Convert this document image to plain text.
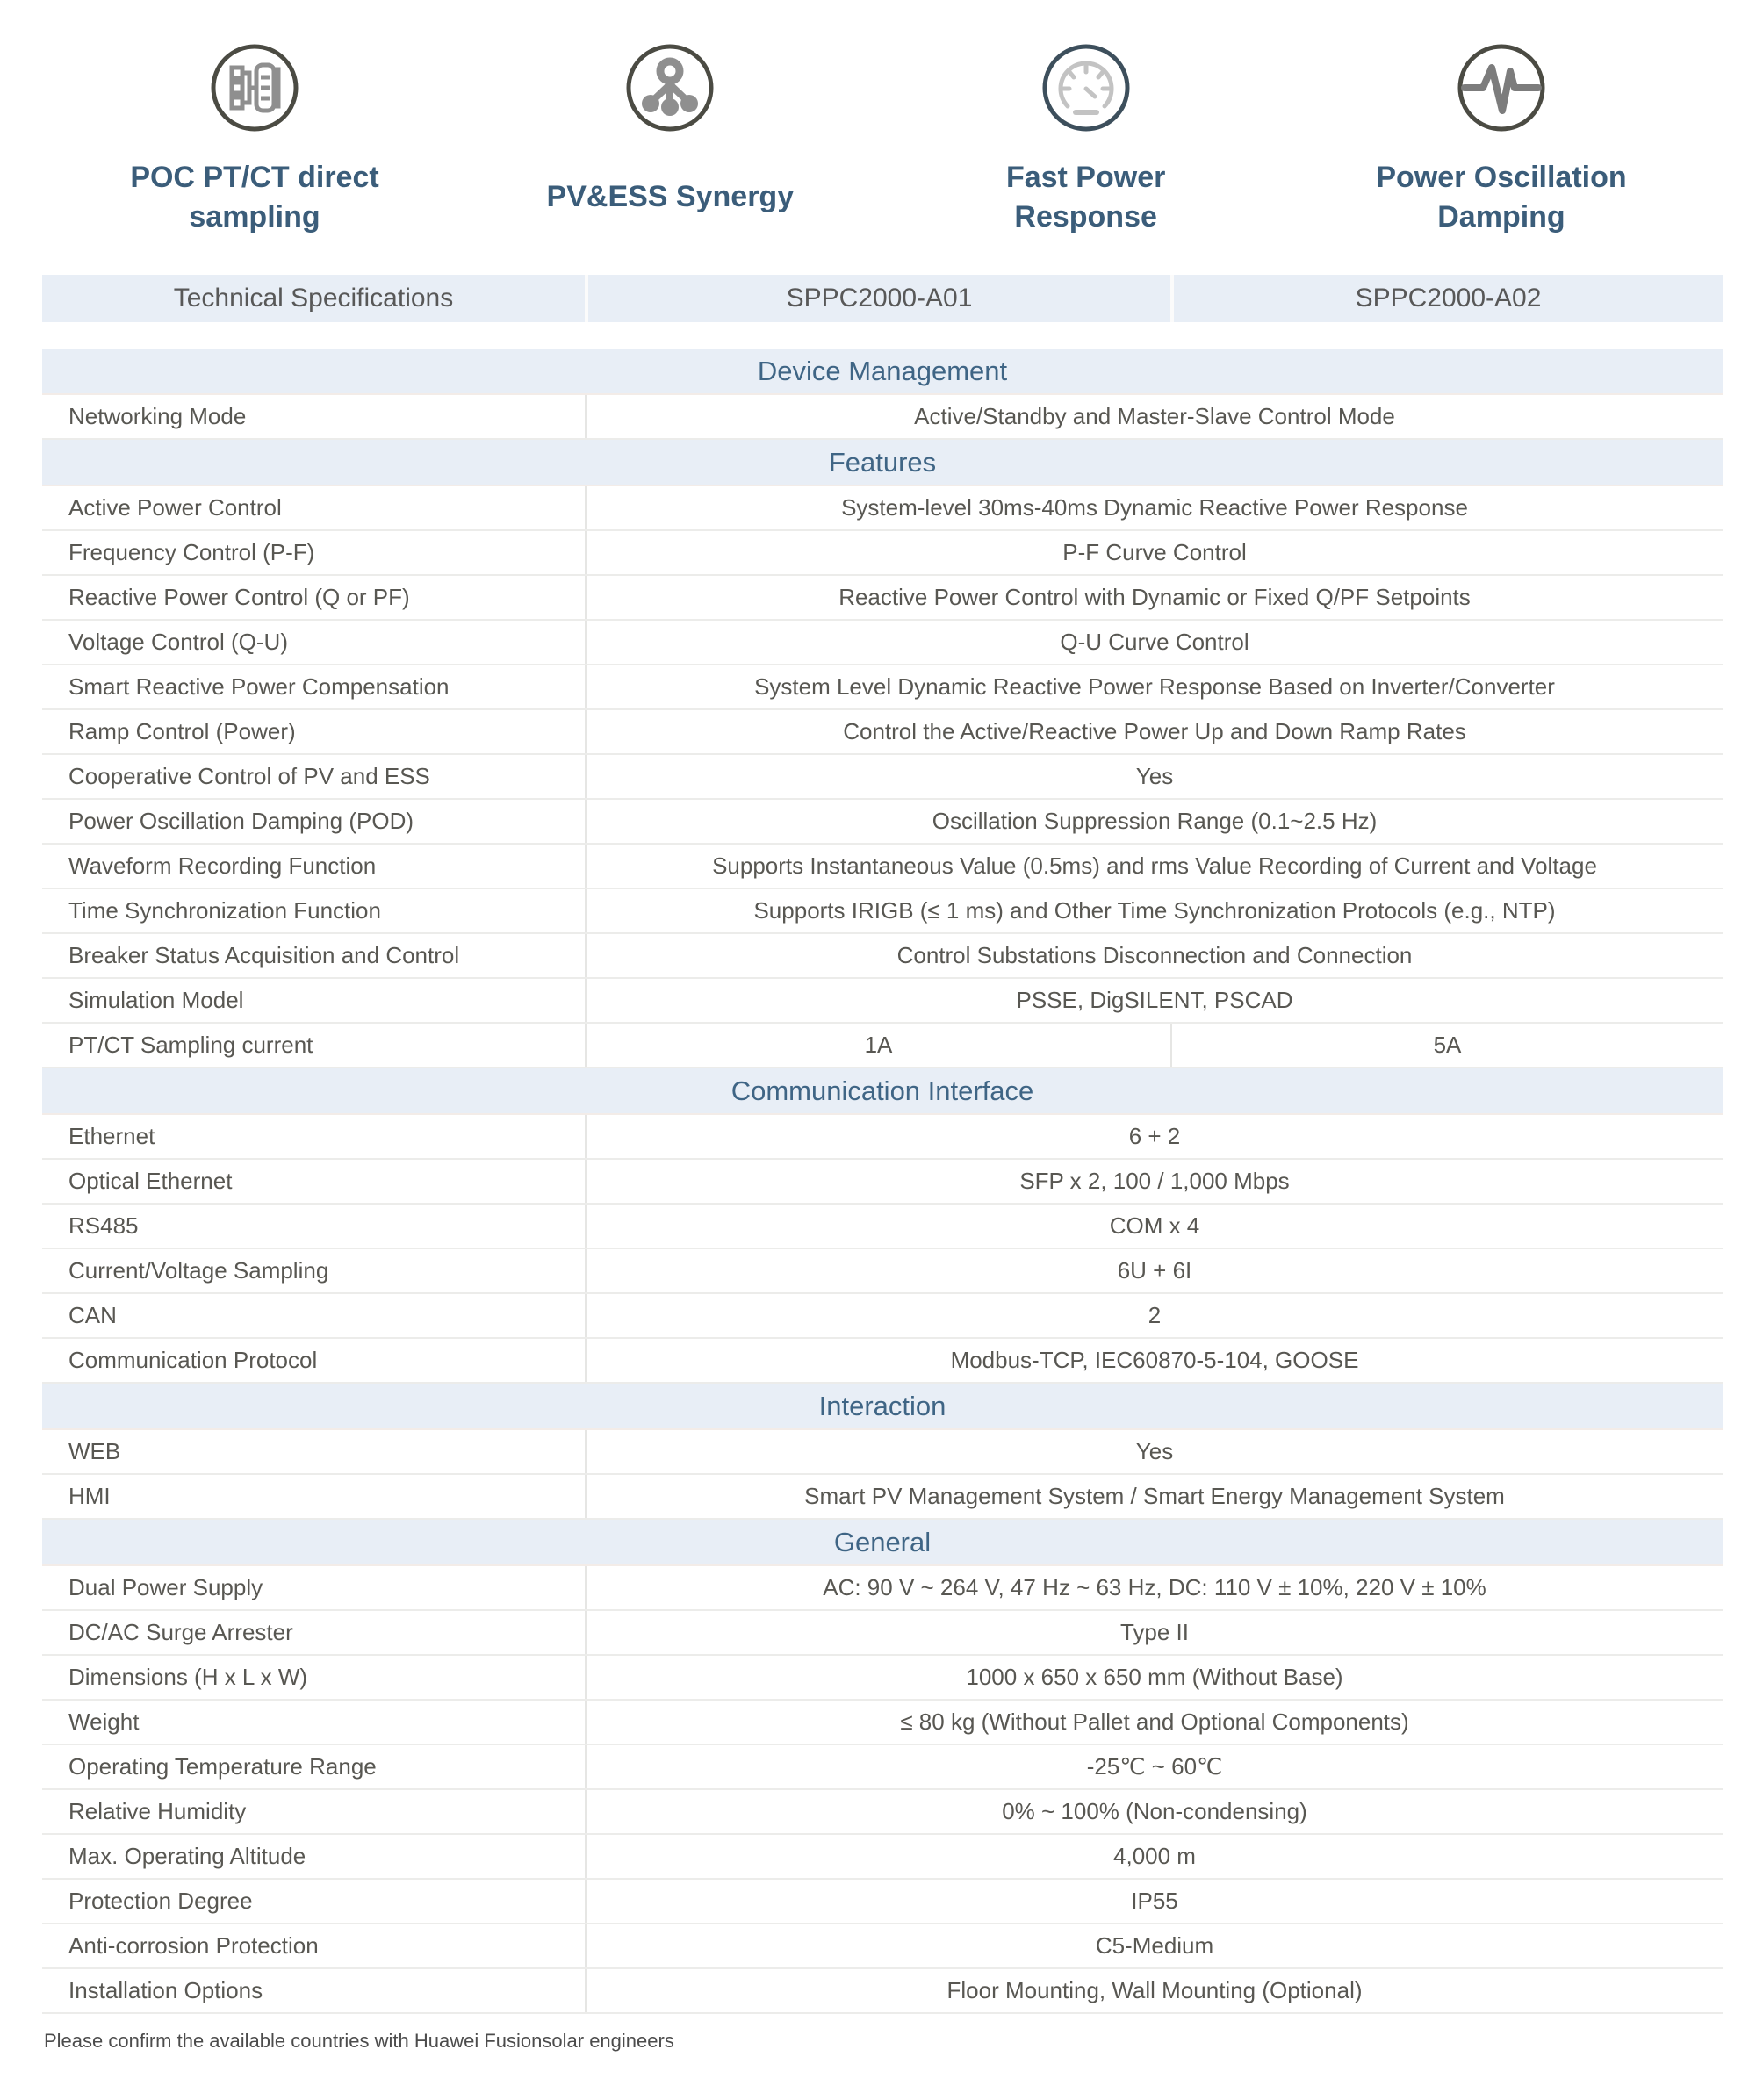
POC PT/CT direct
sampling
PV&ESS Synergy
Fast Power
Response
Power Oscillation
Damping
Technical Specifications	SPPC2000-A01	SPPC2000-A02
Device Management
Networking Mode	Active/Standby and Master-Slave Control Mode
Features
Active Power Control	System-level 30ms-40ms Dynamic Reactive Power Response
Frequency Control (P-F)	P-F Curve Control
Reactive Power Control (Q or PF)	Reactive Power Control with Dynamic or Fixed Q/PF Setpoints
Voltage Control (Q-U)	Q-U Curve Control
Smart Reactive Power Compensation	System Level Dynamic Reactive Power Response Based on Inverter/Converter
Ramp Control (Power)	Control the Active/Reactive Power Up and Down Ramp Rates
Cooperative Control of PV and ESS	Yes
Power Oscillation Damping (POD)	Oscillation Suppression Range (0.1~2.5 Hz)
Waveform Recording Function	Supports Instantaneous Value (0.5ms) and rms Value Recording of Current and Voltage
Time Synchronization Function	Supports IRIGB (≤ 1 ms) and Other Time Synchronization Protocols (e.g., NTP)
Breaker Status Acquisition and Control	Control Substations Disconnection and Connection
Simulation Model	PSSE, DigSILENT, PSCAD
PT/CT Sampling current	1A	5A
Communication Interface
Ethernet	6 + 2
Optical Ethernet	SFP x 2, 100 / 1,000 Mbps
RS485	COM x 4
Current/Voltage Sampling	6U + 6I
CAN	2
Communication Protocol	Modbus-TCP, IEC60870-5-104, GOOSE
Interaction
WEB	Yes
HMI	Smart PV Management System / Smart Energy Management System
General
Dual Power Supply	AC: 90 V ~ 264 V, 47 Hz ~ 63 Hz, DC: 110 V ± 10%, 220 V ± 10%
DC/AC Surge Arrester	Type II
Dimensions (H x L x W)	1000 x 650 x 650 mm (Without Base)
Weight	≤ 80 kg (Without Pallet and Optional Components)
Operating Temperature Range	-25℃ ~ 60℃
Relative Humidity	0% ~ 100% (Non-condensing)
Max. Operating Altitude	4,000 m
Protection Degree	IP55
Anti-corrosion Protection	C5-Medium
Installation Options	Floor Mounting, Wall Mounting (Optional)
Please confirm the available countries with Huawei Fusionsolar engineers
